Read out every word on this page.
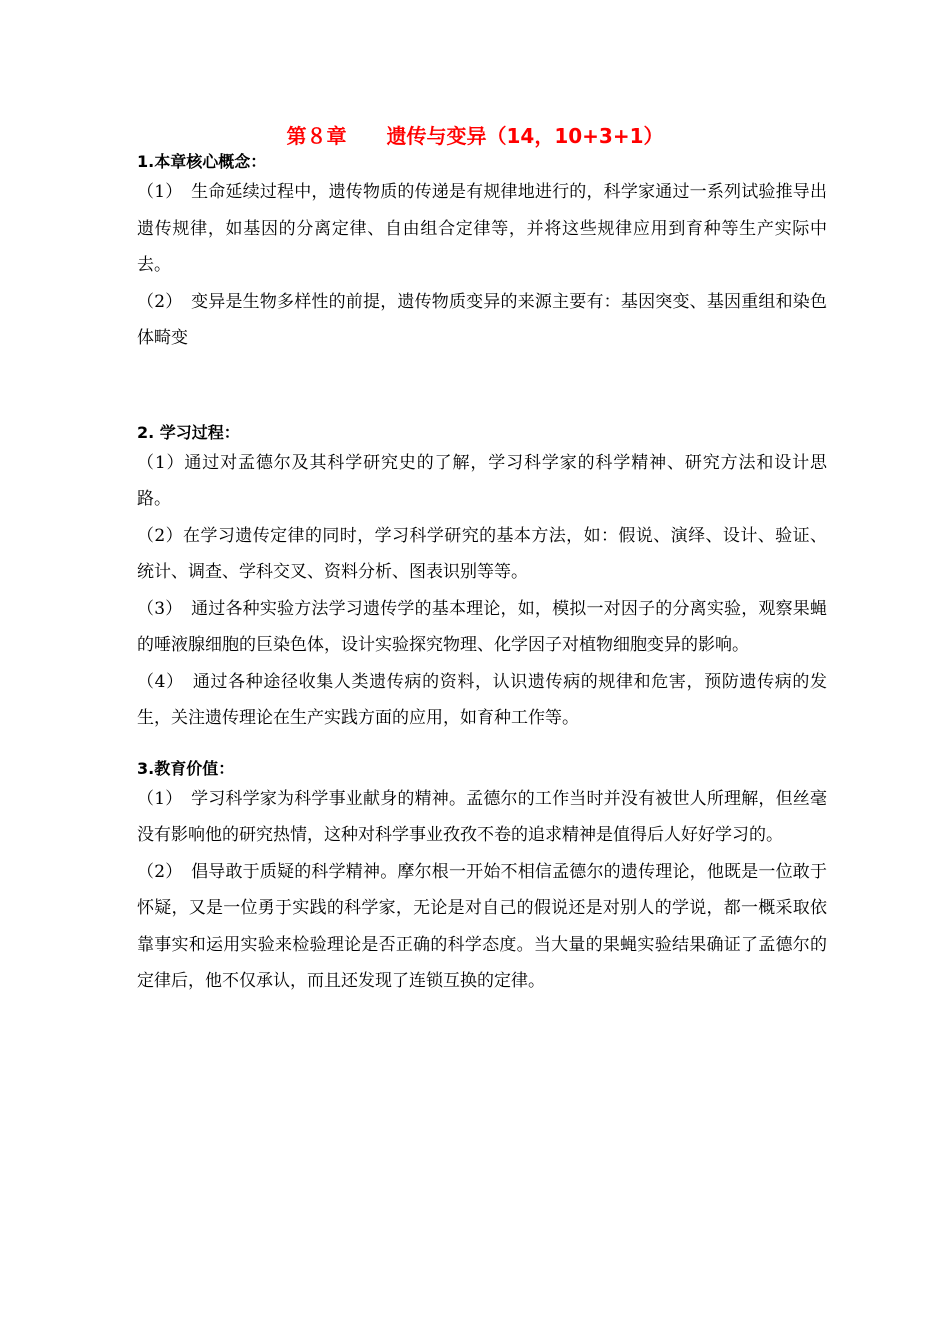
第８章　　遗传与变异（14，10+3+1）

1.本章核心概念：

（1）　生命延续过程中，遗传物质的传递是有规律地进行的，科学家通过一系列试验推导出遗传规律，如基因的分离定律、自由组合定律等，并将这些规律应用到育种等生产实际中去。

（2）　变异是生物多样性的前提，遗传物质变异的来源主要有：基因突变、基因重组和染色体畸变

2. 学习过程：

（1）通过对孟德尔及其科学研究史的了解，学习科学家的科学精神、研究方法和设计思路。

（2）在学习遗传定律的同时，学习科学研究的基本方法，如：假说、演绎、设计、验证、统计、调查、学科交叉、资料分析、图表识别等等。

（3）　通过各种实验方法学习遗传学的基本理论，如，模拟一对因子的分离实验，观察果蝇的唾液腺细胞的巨染色体，设计实验探究物理、化学因子对植物细胞变异的影响。

（4）　通过各种途径收集人类遗传病的资料，认识遗传病的规律和危害，预防遗传病的发生，关注遗传理论在生产实践方面的应用，如育种工作等。

3.教育价值：

（1）　学习科学家为科学事业献身的精神。孟德尔的工作当时并没有被世人所理解，但丝毫没有影响他的研究热情，这种对科学事业孜孜不卷的追求精神是值得后人好好学习的。

（2）　倡导敢于质疑的科学精神。摩尔根一开始不相信孟德尔的遗传理论，他既是一位敢于怀疑，又是一位勇于实践的科学家，无论是对自己的假说还是对别人的学说，都一概采取依靠事实和运用实验来检验理论是否正确的科学态度。当大量的果蝇实验结果确证了孟德尔的定律后，他不仅承认，而且还发现了连锁互换的定律。
